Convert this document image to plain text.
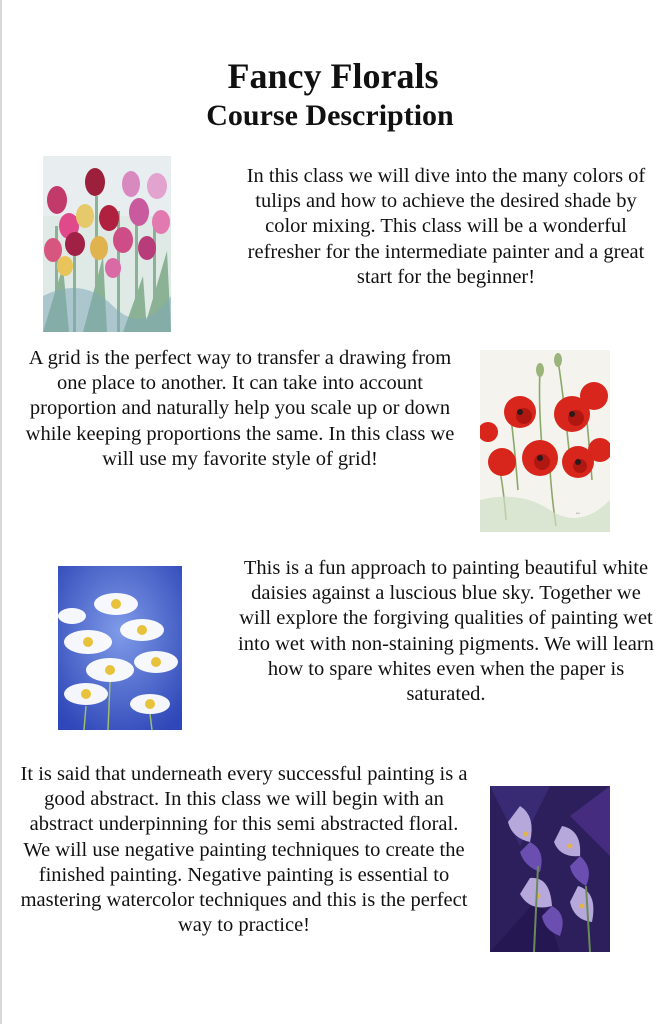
Fancy Florals
Course Description
In this class we will dive into the many colors of tulips and how to achieve the desired shade by color mixing. This class will be a wonderful refresher for the intermediate painter and a great start for the beginner!
A grid is the perfect way to transfer a drawing from one place to another. It can take into account proportion and naturally help you scale up or down while keeping proportions the same. In this class we will use my favorite style of grid!
~
This is a fun approach to painting beautiful white daisies against a luscious blue sky. Together we will explore the forgiving qualities of painting wet into wet with non-staining pigments. We will learn how to spare whites even when the paper is saturated.
It is said that underneath every successful painting is a good abstract. In this class we will begin with an abstract underpinning for this semi abstracted floral. We will use negative painting techniques to create the finished painting. Negative painting is essential to mastering watercolor techniques and this is the perfect way to practice!
